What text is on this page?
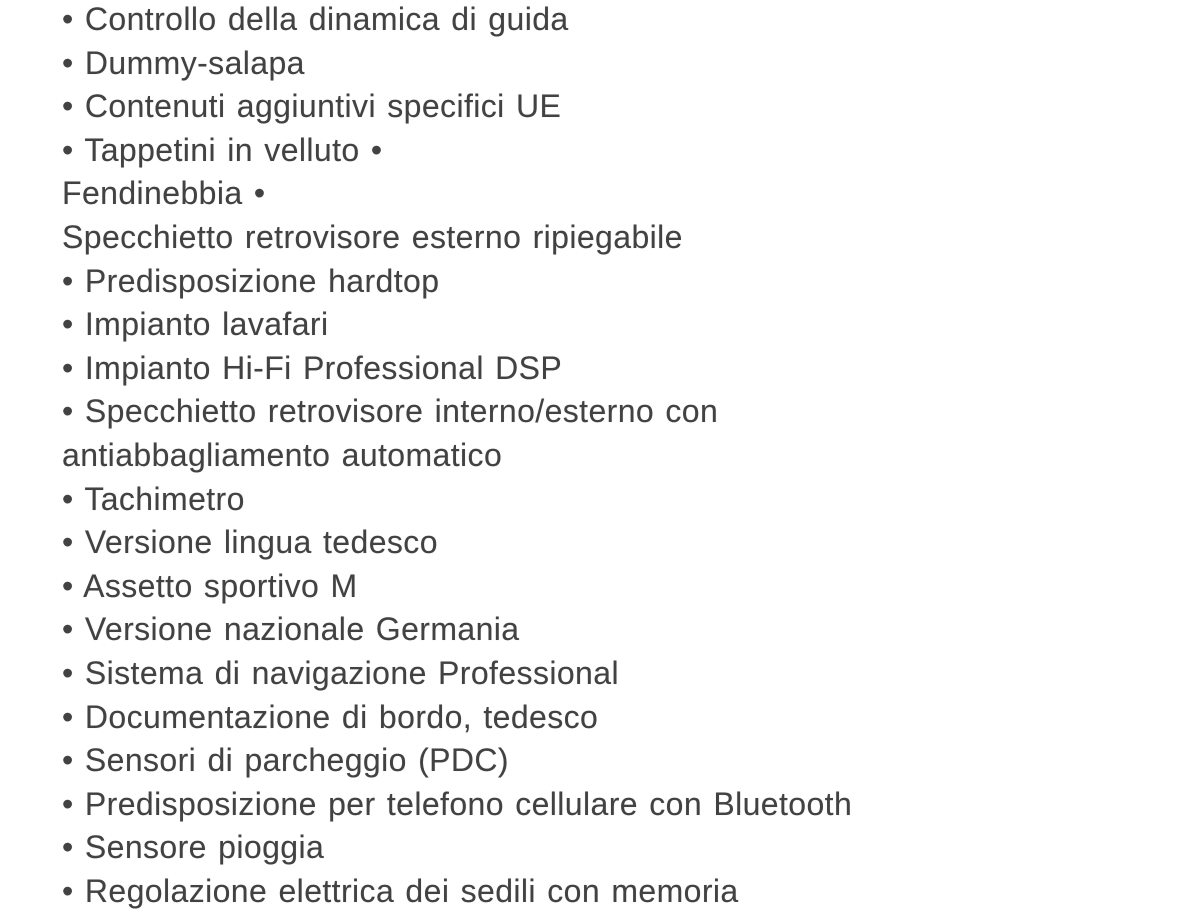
• Controllo della dinamica di guida
• Dummy-salapa
• Contenuti aggiuntivi specifici UE
• Tappetini in velluto •
Fendinebbia •
Specchietto retrovisore esterno ripiegabile
• Predisposizione hardtop
• Impianto lavafari
• Impianto Hi-Fi Professional DSP
• Specchietto retrovisore interno/esterno con
antiabbagliamento automatico
• Tachimetro
• Versione lingua tedesco
• Assetto sportivo M
• Versione nazionale Germania
• Sistema di navigazione Professional
• Documentazione di bordo, tedesco
• Sensori di parcheggio (PDC)
• Predisposizione per telefono cellulare con Bluetooth
• Sensore pioggia
• Regolazione elettrica dei sedili con memoria
